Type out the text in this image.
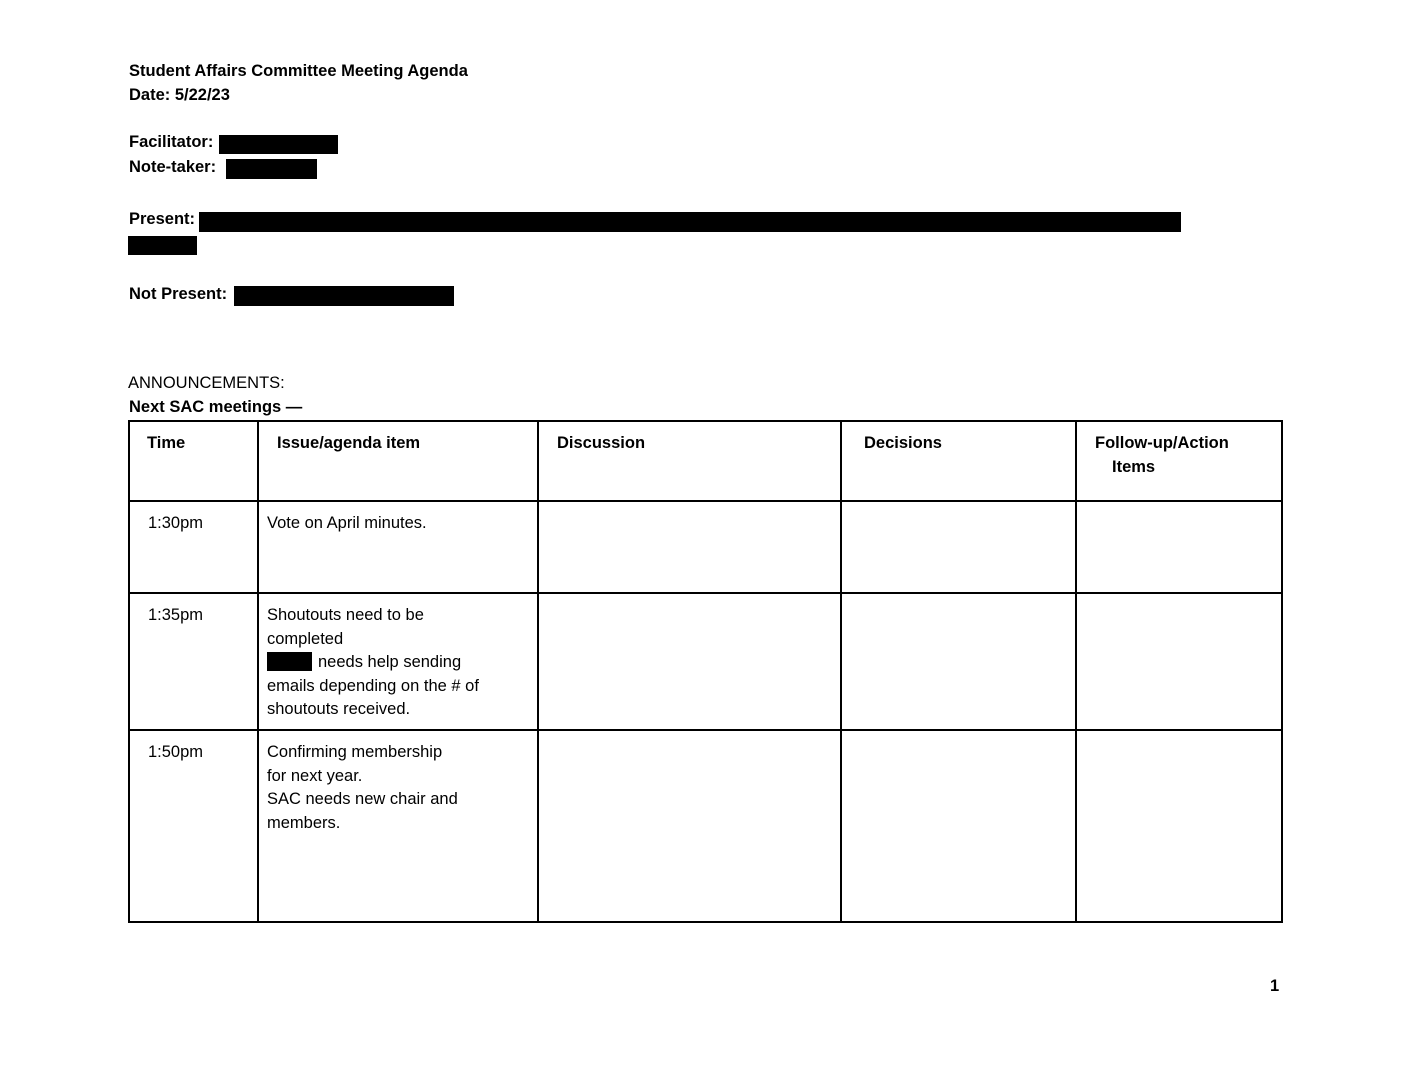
Student Affairs Committee Meeting Agenda
Date: 5/22/23
Facilitator:
Note-taker:
Present:
Not Present:
ANNOUNCEMENTS:
Next SAC meetings —
Time	Issue/agenda item	Discussion	Decisions	Follow-up/Action
Items

1:30pm	Vote on April minutes.			

1:35pm	Shoutouts need to be
completed
needs help sending
emails depending on the # of
shoutouts received.			

1:50pm	Confirming membership
for next year.
SAC needs new chair and
members.			

1
